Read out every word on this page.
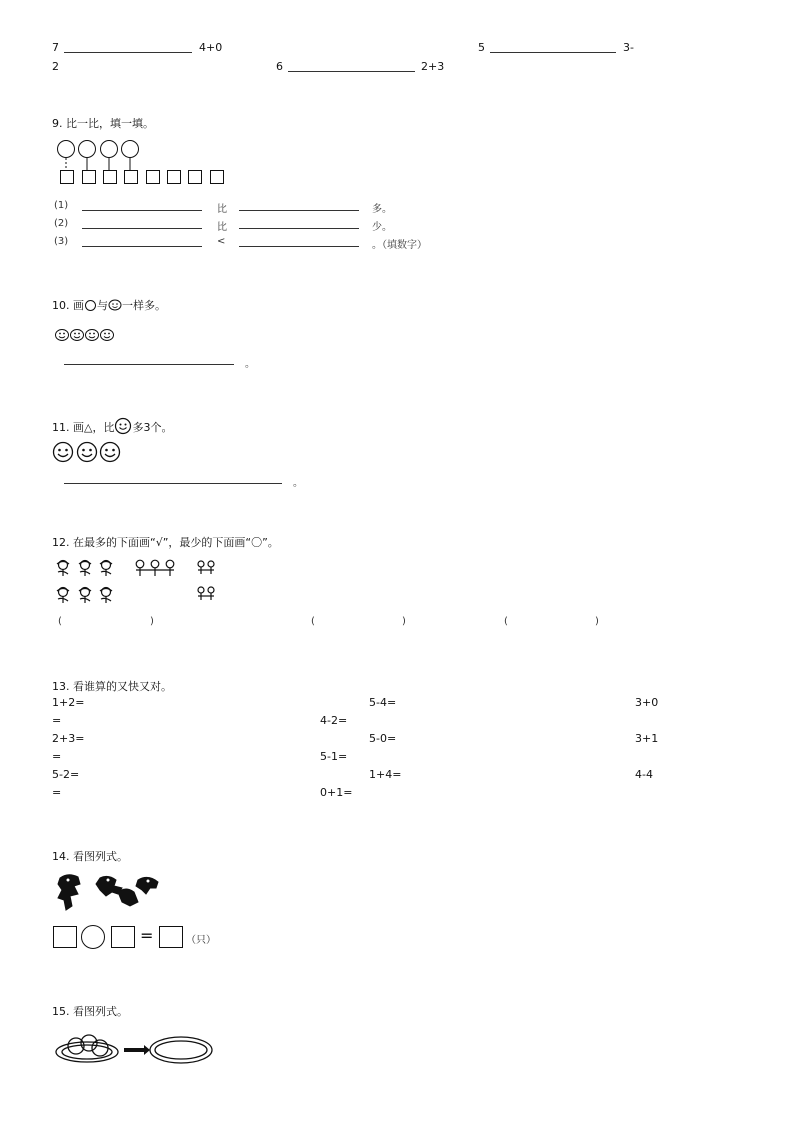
7	4+0	5	3-
2	6	2+3
9. 比一比，填一填。
(1)	比	多。
(2)	比	少。
(3)	<	。（填数字）
10. 画 与 一样多。
。
11. 画△，比 多3个。
。
12. 在最多的下面画“√”，最少的下面画“〇”。
(	)	(	)	(	)
13. 看谁算的又快又对。
1+2=	5-4=	3+0
=	4-2=
2+3=	5-0=	3+1
=	5-1=
5-2=	1+4=	4-4
=	0+1=
14. 看图列式。
=	（只）
15. 看图列式。
